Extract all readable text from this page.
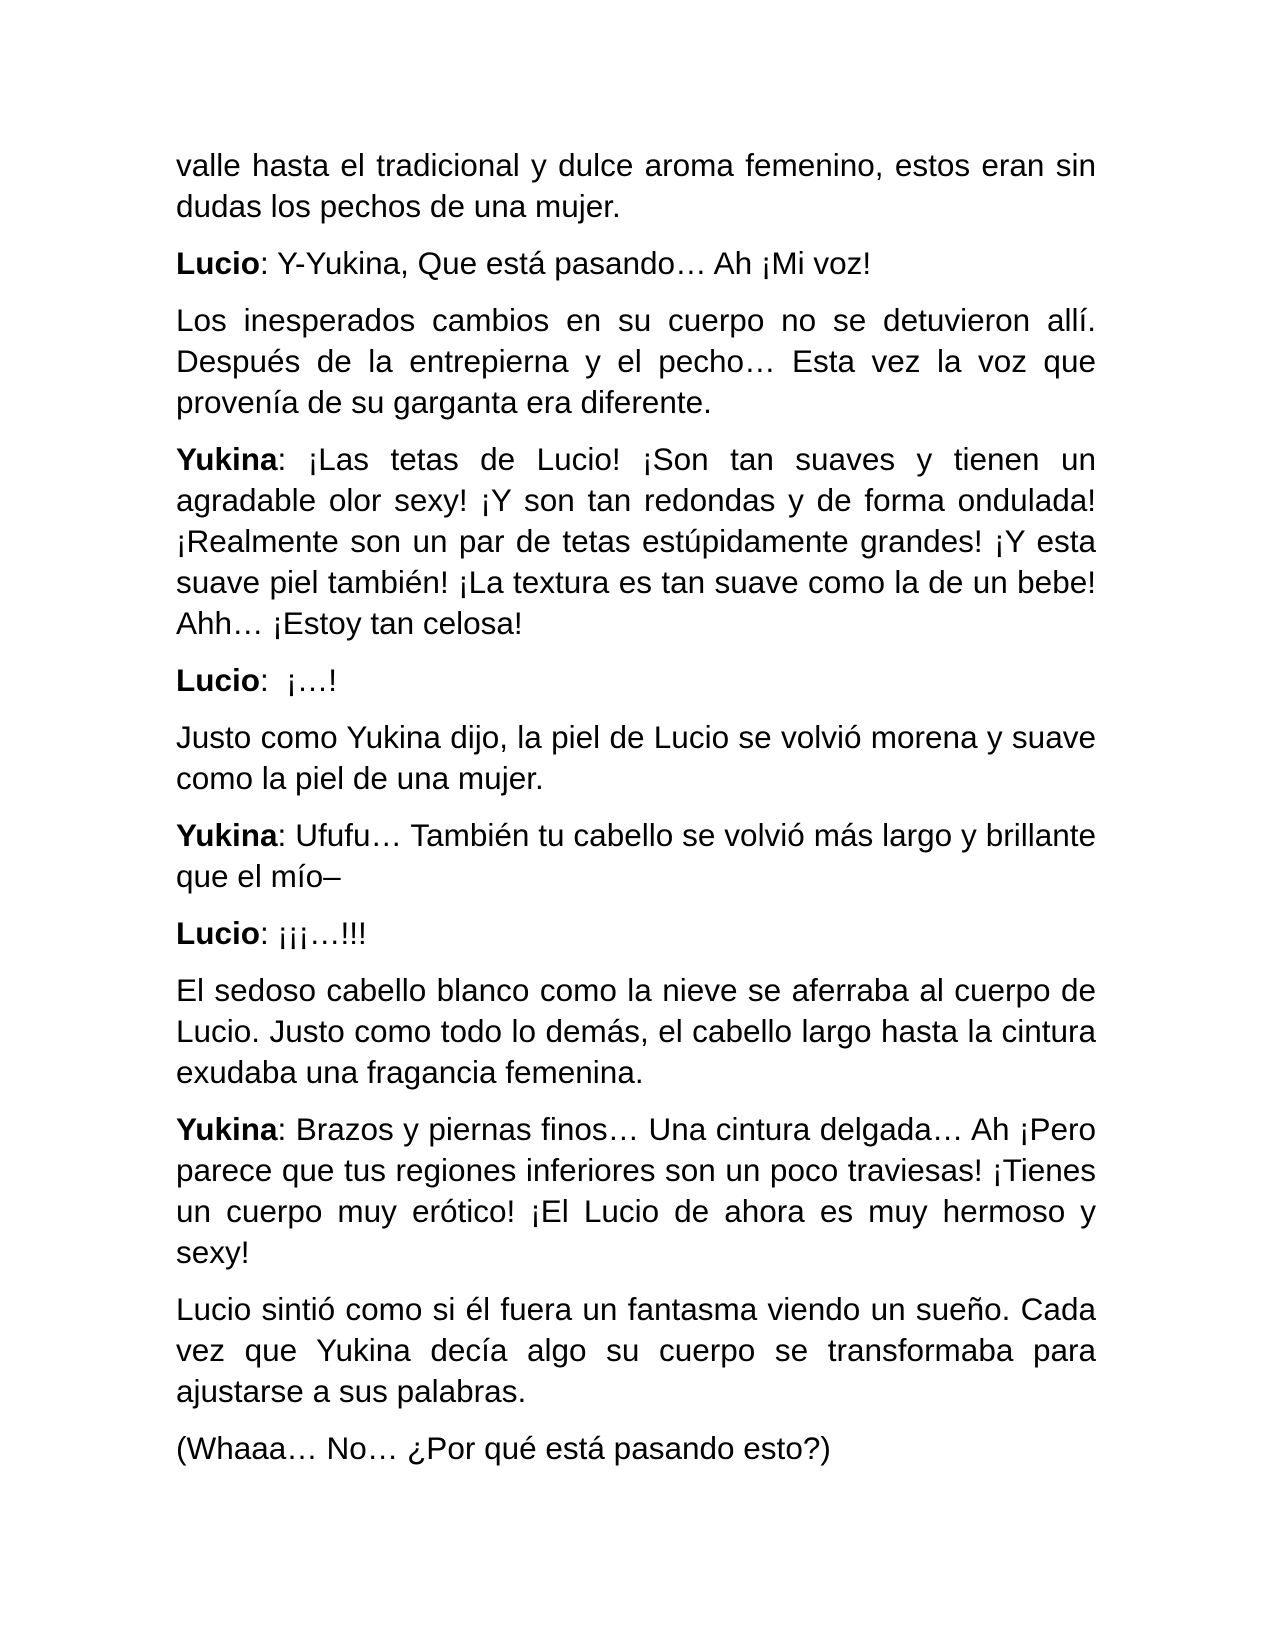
valle hasta el tradicional y dulce aroma femenino, estos eran sin dudas los pechos de una mujer.

Lucio: Y-Yukina, Que está pasando… Ah ¡Mi voz!

Los inesperados cambios en su cuerpo no se detuvieron allí. Después de la entrepierna y el pecho… Esta vez la voz que provenía de su garganta era diferente.

Yukina: ¡Las tetas de Lucio! ¡Son tan suaves y tienen un agradable olor sexy! ¡Y son tan redondas y de forma ondulada! ¡Realmente son un par de tetas estúpidamente grandes! ¡Y esta suave piel también! ¡La textura es tan suave como la de un bebe! Ahh… ¡Estoy tan celosa!

Lucio:  ¡…!

Justo como Yukina dijo, la piel de Lucio se volvió morena y suave como la piel de una mujer.

Yukina: Ufufu… También tu cabello se volvió más largo y brillante que el mío–

Lucio: ¡¡¡…!!!

El sedoso cabello blanco como la nieve se aferraba al cuerpo de Lucio. Justo como todo lo demás, el cabello largo hasta la cintura exudaba una fragancia femenina.

Yukina: Brazos y piernas finos… Una cintura delgada… Ah ¡Pero parece que tus regiones inferiores son un poco traviesas! ¡Tienes un cuerpo muy erótico! ¡El Lucio de ahora es muy hermoso y sexy!

Lucio sintió como si él fuera un fantasma viendo un sueño. Cada vez que Yukina decía algo su cuerpo se transformaba para ajustarse a sus palabras.

(Whaaa… No… ¿Por qué está pasando esto?)
